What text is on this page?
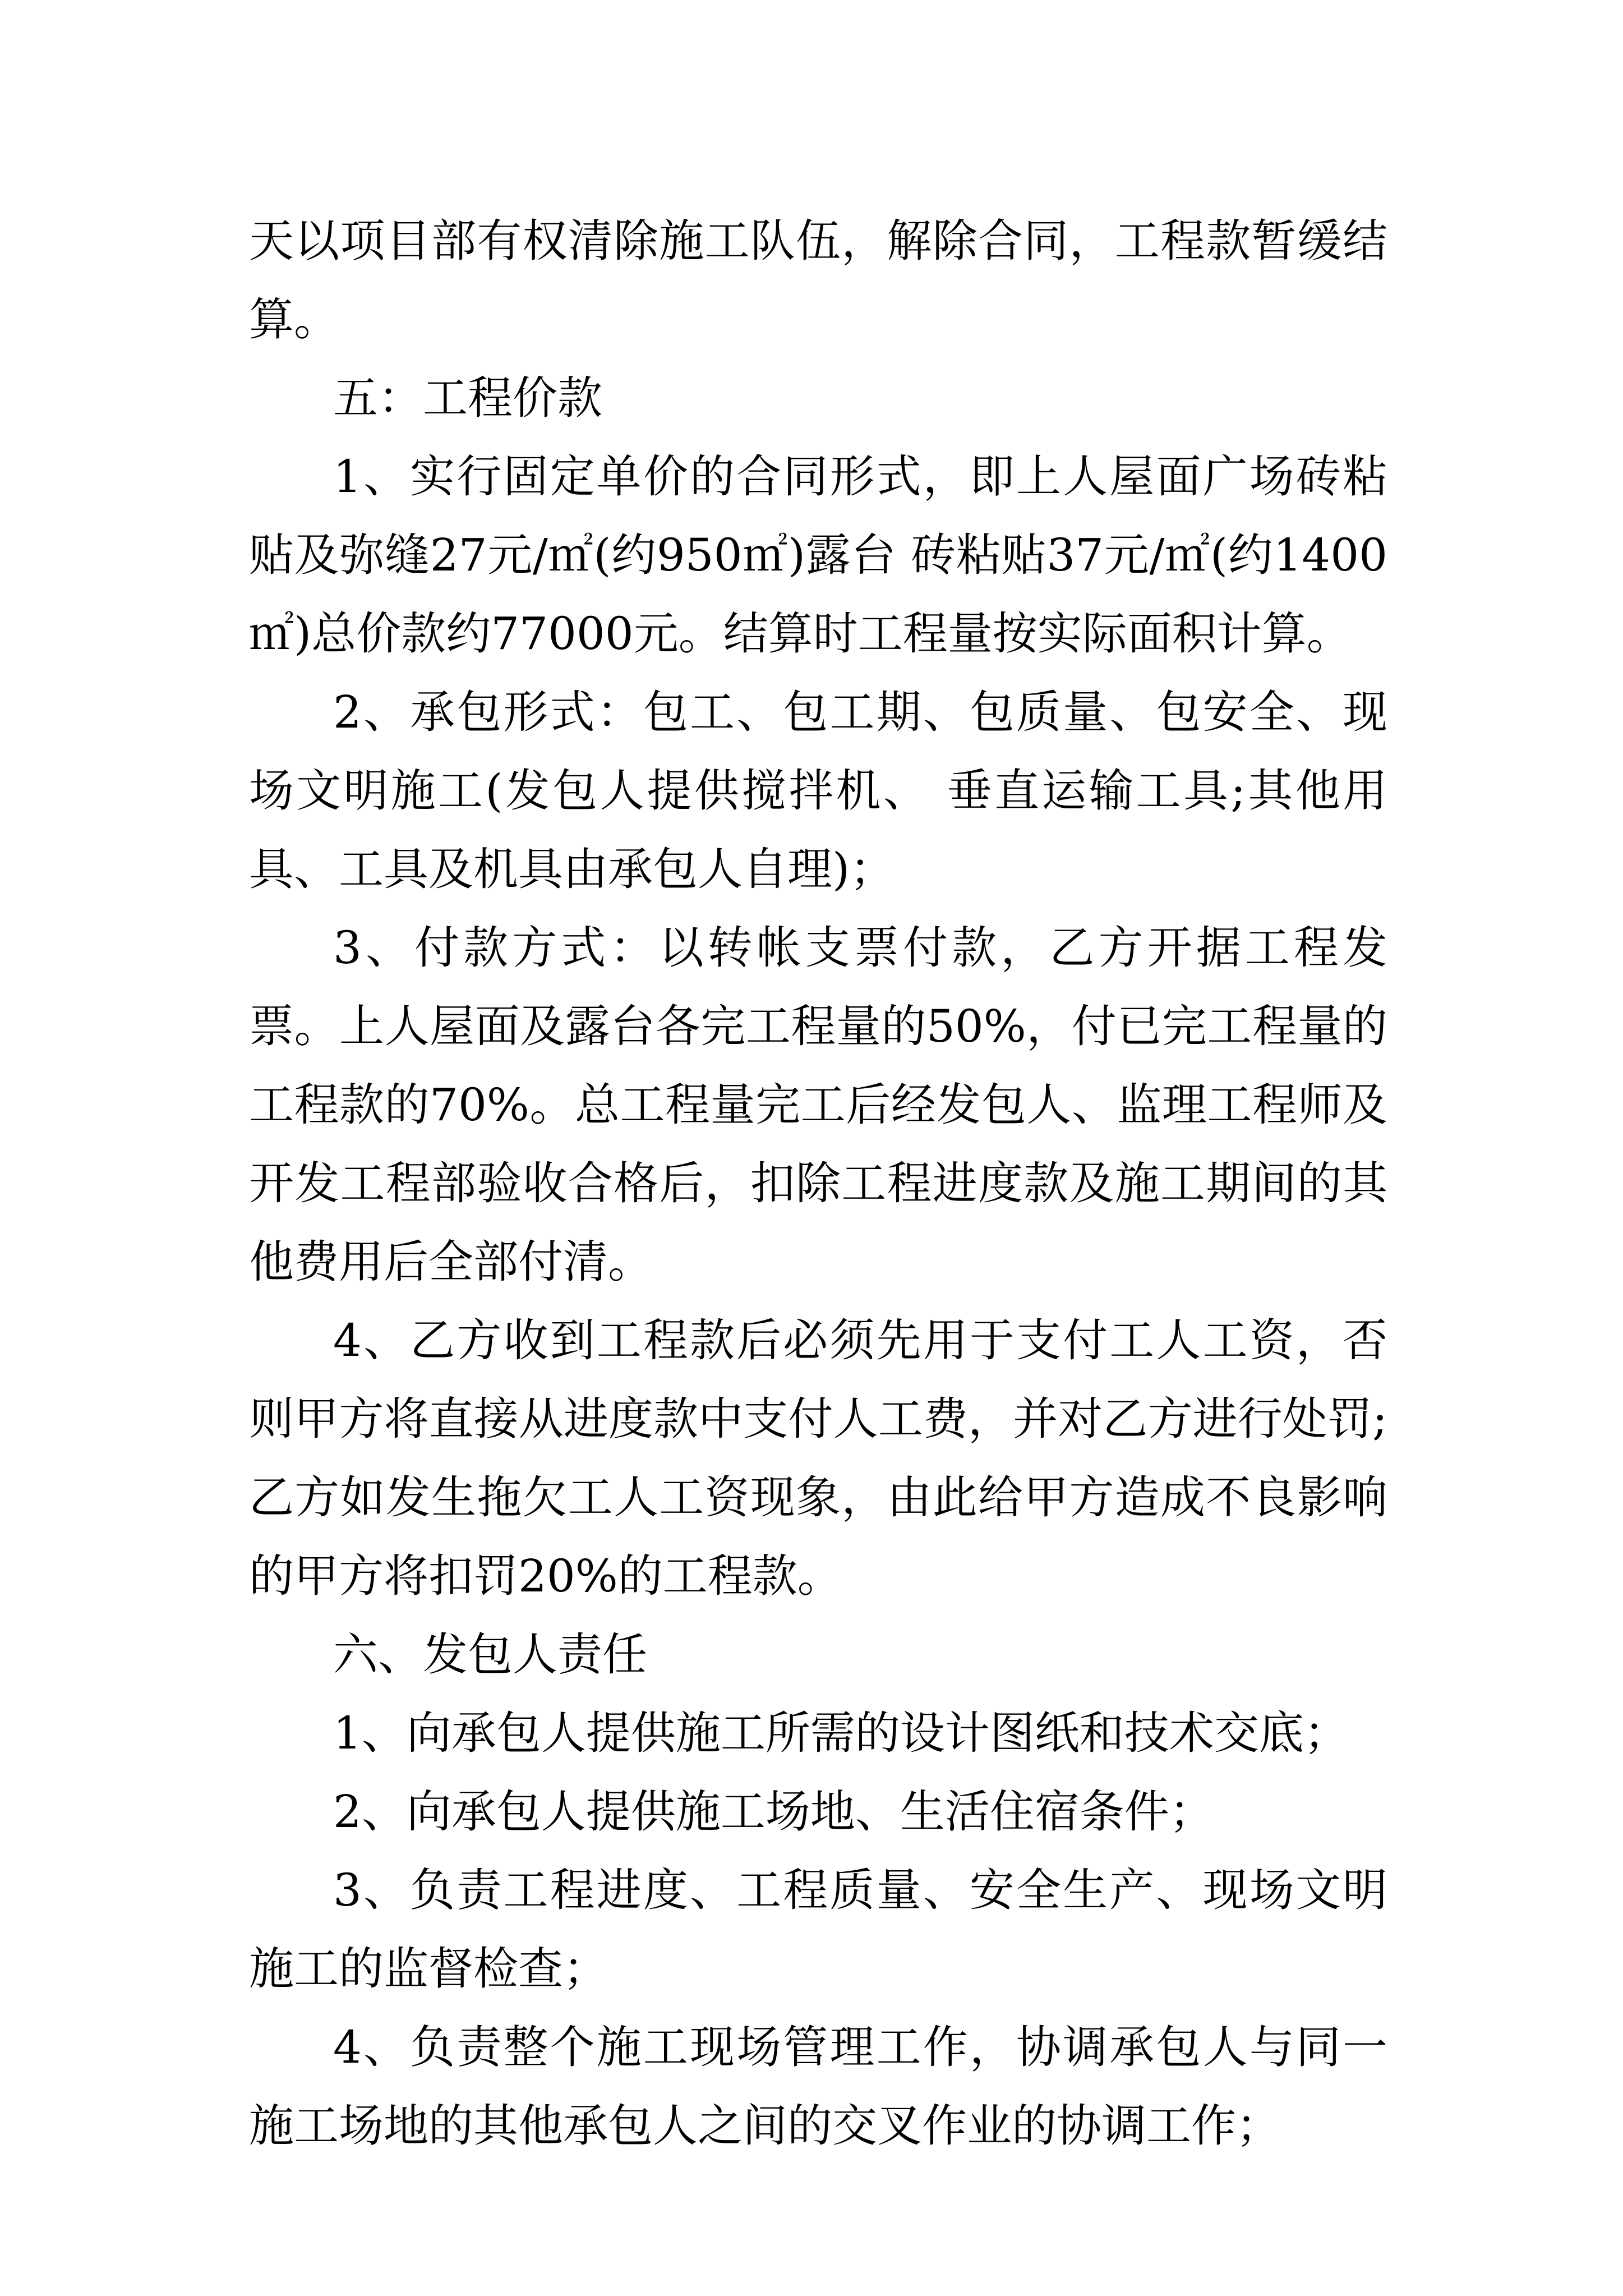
天以项目部有权清除施工队伍，解除合同，工程款暂缓结算。

五：工程价款

1、实行固定单价的合同形式，即上人屋面广场砖粘贴及弥缝27元/㎡(约950㎡)露台 砖粘贴37元/㎡(约1400㎡)总价款约77000元。结算时工程量按实际面积计算。

2、承包形式：包工、包工期、包质量、包安全、现场文明施工(发包人提供搅拌机、 垂直运输工具;其他用具、工具及机具由承包人自理)；

3、付款方式：以转帐支票付款，乙方开据工程发票。上人屋面及露台各完工程量的50%，付已完工程量的工程款的70%。总工程量完工后经发包人、监理工程师及开发工程部验收合格后，扣除工程进度款及施工期间的其他费用后全部付清。

4、乙方收到工程款后必须先用于支付工人工资，否则甲方将直接从进度款中支付人工费，并对乙方进行处罚;乙方如发生拖欠工人工资现象，由此给甲方造成不良影响的甲方将扣罚20%的工程款。

六、发包人责任

1、向承包人提供施工所需的设计图纸和技术交底；

2、向承包人提供施工场地、生活住宿条件；

3、负责工程进度、工程质量、安全生产、现场文明施工的监督检查；

4、负责整个施工现场管理工作，协调承包人与同一施工场地的其他承包人之间的交叉作业的协调工作；
